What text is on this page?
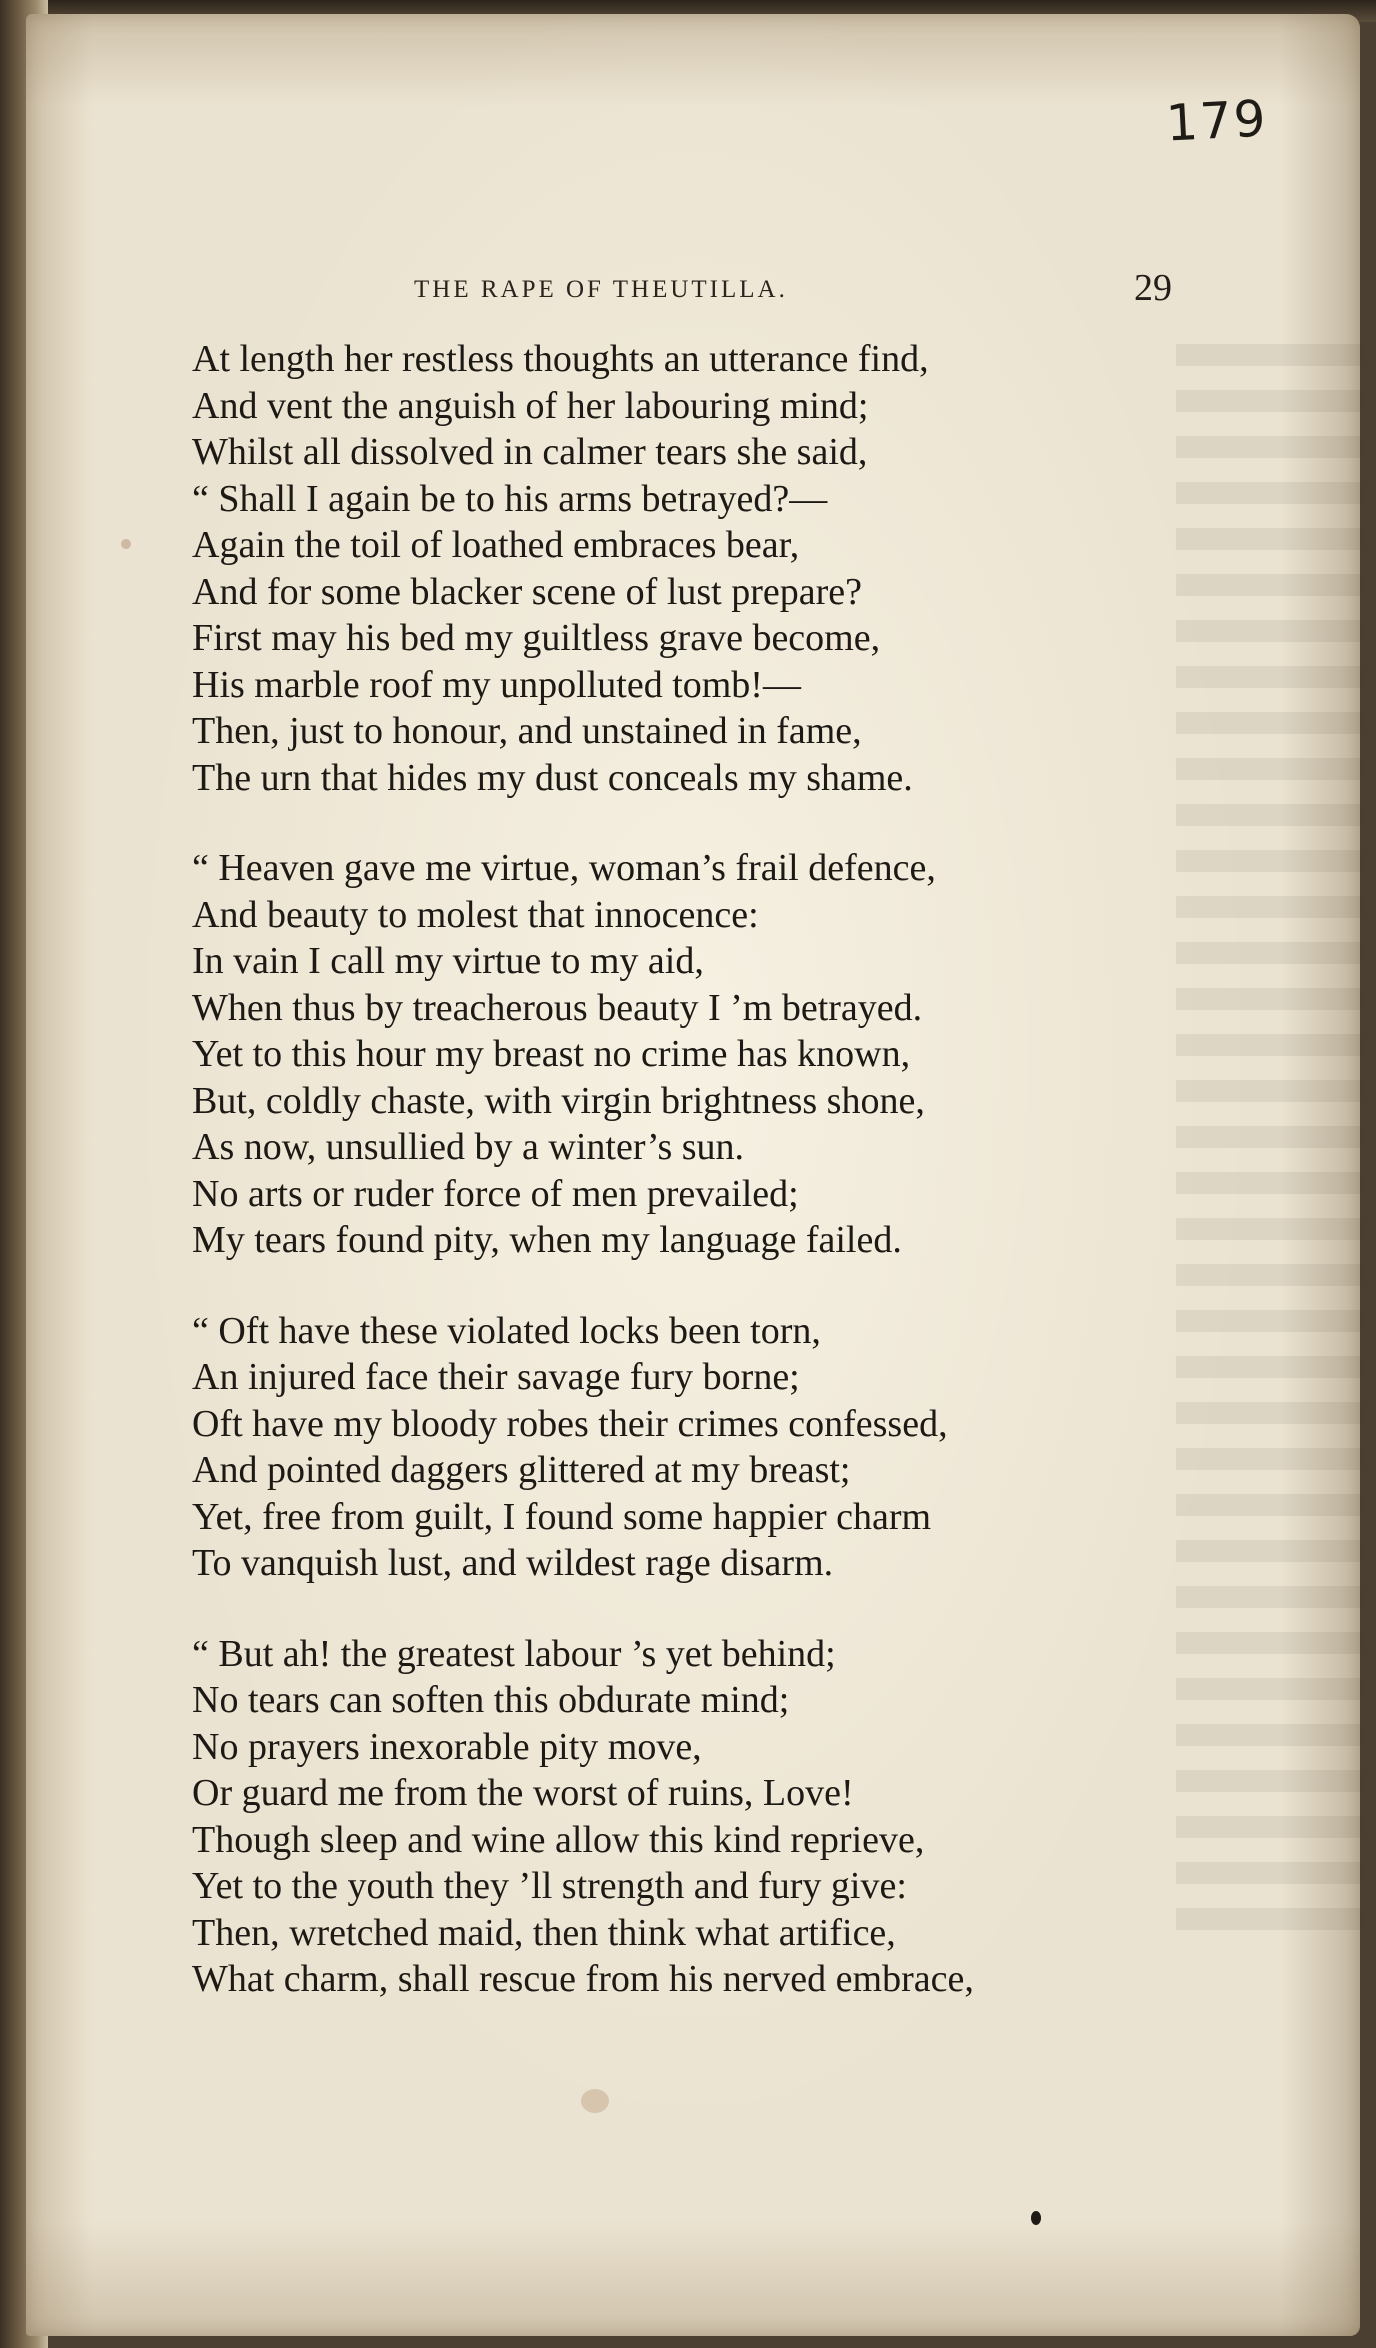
179
THE RAPE OF THEUTILLA.	29
At length her restless thoughts an utterance find,
And vent the anguish of her labouring mind;
Whilst all dissolved in calmer tears she said,
“ Shall I again be to his arms betrayed?—
Again the toil of loathed embraces bear,
And for some blacker scene of lust prepare?
First may his bed my guiltless grave become,
His marble roof my unpolluted tomb!—
Then, just to honour, and unstained in fame,
The urn that hides my dust conceals my shame.
“ Heaven gave me virtue, woman’s frail defence,
And beauty to molest that innocence:
In vain I call my virtue to my aid,
When thus by treacherous beauty I ’m betrayed.
Yet to this hour my breast no crime has known,
But, coldly chaste, with virgin brightness shone,
As now, unsullied by a winter’s sun.
No arts or ruder force of men prevailed;
My tears found pity, when my language failed.
“ Oft have these violated locks been torn,
An injured face their savage fury borne;
Oft have my bloody robes their crimes confessed,
And pointed daggers glittered at my breast;
Yet, free from guilt, I found some happier charm
To vanquish lust, and wildest rage disarm.
“ But ah! the greatest labour ’s yet behind;
No tears can soften this obdurate mind;
No prayers inexorable pity move,
Or guard me from the worst of ruins, Love!
Though sleep and wine allow this kind reprieve,
Yet to the youth they ’ll strength and fury give:
Then, wretched maid, then think what artifice,
What charm, shall rescue from his nerved embrace,
